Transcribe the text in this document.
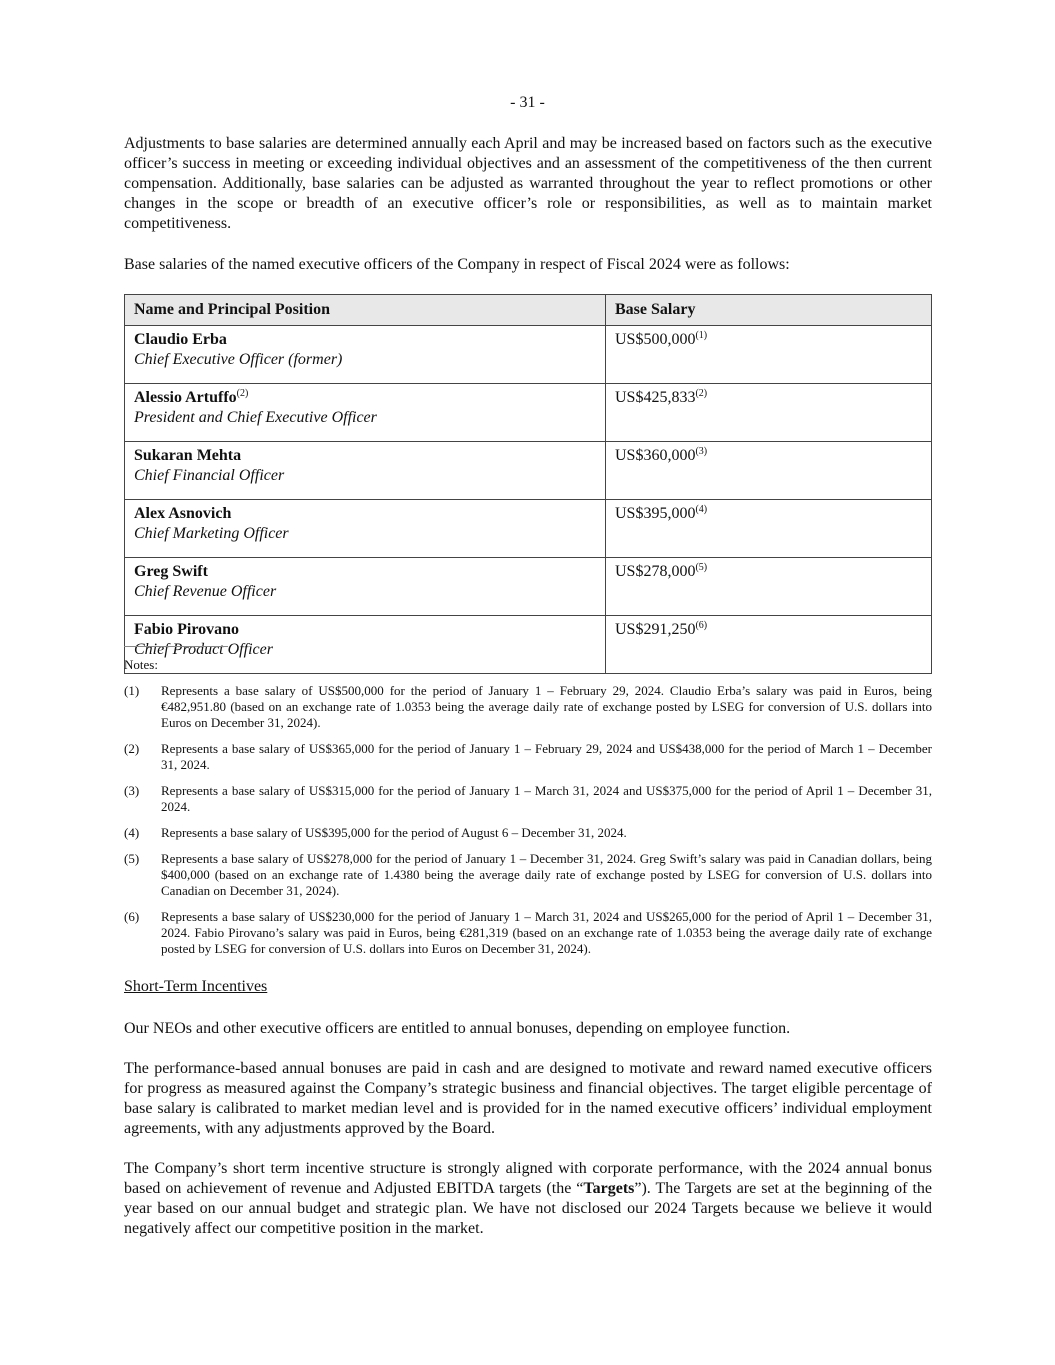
- 31 -

Adjustments to base salaries are determined annually each April and may be increased based on factors such as the executive officer’s success in meeting or exceeding individual objectives and an assessment of the competitiveness of the then current compensation. Additionally, base salaries can be adjusted as warranted throughout the year to reflect promotions or other changes in the scope or breadth of an executive officer’s role or responsibilities, as well as to maintain market competitiveness.

Base salaries of the named executive officers of the Company in respect of Fiscal 2024 were as follows:

Name and Principal Position	Base Salary
Claudio Erba
Chief Executive Officer (former)	US$500,000$^{(1)}$
Alessio Artuffo$^{(2)}$
President and Chief Executive Officer	US$425,833$^{(2)}$
Sukaran Mehta
Chief Financial Officer	US$360,000$^{(3)}$
Alex Asnovich
Chief Marketing Officer	US$395,000$^{(4)}$
Greg Swift
Chief Revenue Officer	US$278,000$^{(5)}$
Fabio Pirovano
Chief Product Officer	US$291,250$^{(6)}$
Notes:
(1)	Represents a base salary of US$500,000 for the period of January 1 – February 29, 2024. Claudio Erba’s salary was paid in Euros, being €482,951.80 (based on an exchange rate of 1.0353 being the average daily rate of exchange posted by LSEG for conversion of U.S. dollars into Euros on December 31, 2024).
(2)	Represents a base salary of US$365,000 for the period of January 1 – February 29, 2024 and US$438,000 for the period of March 1 – December 31, 2024.
(3)	Represents a base salary of US$315,000 for the period of January 1 – March 31, 2024 and US$375,000 for the period of April 1 – December 31, 2024.
(4)	Represents a base salary of US$395,000 for the period of August 6 – December 31, 2024.
(5)	Represents a base salary of US$278,000 for the period of January 1 – December 31, 2024. Greg Swift’s salary was paid in Canadian dollars, being $400,000 (based on an exchange rate of 1.4380 being the average daily rate of exchange posted by LSEG for conversion of U.S. dollars into Canadian on December 31, 2024).
(6)	Represents a base salary of US$230,000 for the period of January 1 – March 31, 2024 and US$265,000 for the period of April 1 – December 31, 2024. Fabio Pirovano’s salary was paid in Euros, being €281,319 (based on an exchange rate of 1.0353 being the average daily rate of exchange posted by LSEG for conversion of U.S. dollars into Euros on December 31, 2024).
Short-Term Incentives

Our NEOs and other executive officers are entitled to annual bonuses, depending on employee function.

The performance-based annual bonuses are paid in cash and are designed to motivate and reward named executive officers for progress as measured against the Company’s strategic business and financial objectives. The target eligible percentage of base salary is calibrated to market median level and is provided for in the named executive officers’ individual employment agreements, with any adjustments approved by the Board.

The Company’s short term incentive structure is strongly aligned with corporate performance, with the 2024 annual bonus based on achievement of revenue and Adjusted EBITDA targets (the “Targets”). The Targets are set at the beginning of the year based on our annual budget and strategic plan. We have not disclosed our 2024 Targets because we believe it would negatively affect our competitive position in the market.
